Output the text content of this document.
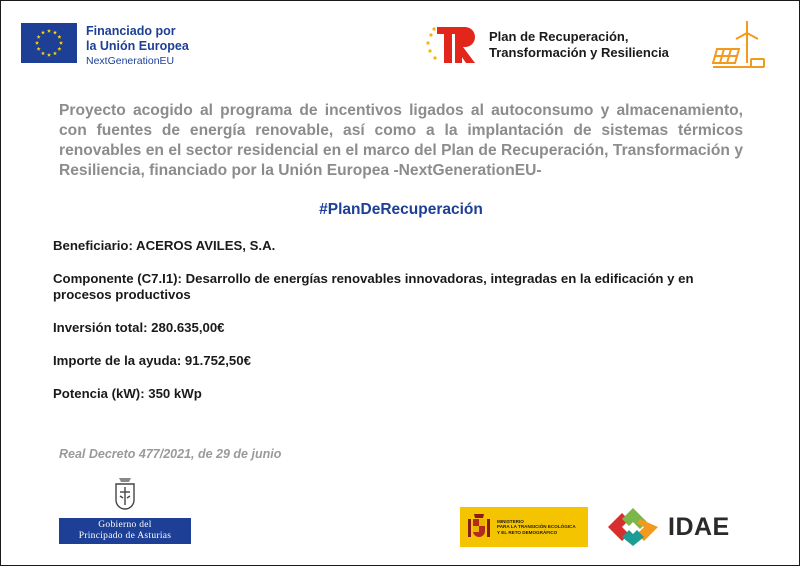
Financiado por
la Unión Europea
NextGenerationEU
Plan de Recuperación,
Transformación y Resiliencia
Proyecto acogido al programa de incentivos ligados al autoconsumo y almacenamiento, con fuentes de energía renovable, así como a la implantación de sistemas térmicos renovables en el sector residencial en el marco del Plan de Recuperación, Transformación y Resiliencia, financiado por la Unión Europea -NextGenerationEU-
#PlanDeRecuperación
Beneficiario: ACEROS AVILES, S.A.
Componente (C7.I1): Desarrollo de energías renovables innovadoras, integradas en la edificación y en procesos productivos
Inversión total: 280.635,00€
Importe de la ayuda: 91.752,50€
Potencia (kW): 350 kWp
Real Decreto 477/2021, de 29 de junio
Gobierno del
Principado de Asturias
MINISTERIO
PARA LA TRANSICIÓN ECOLÓGICA
Y EL RETO DEMOGRÁFICO	IDAE
